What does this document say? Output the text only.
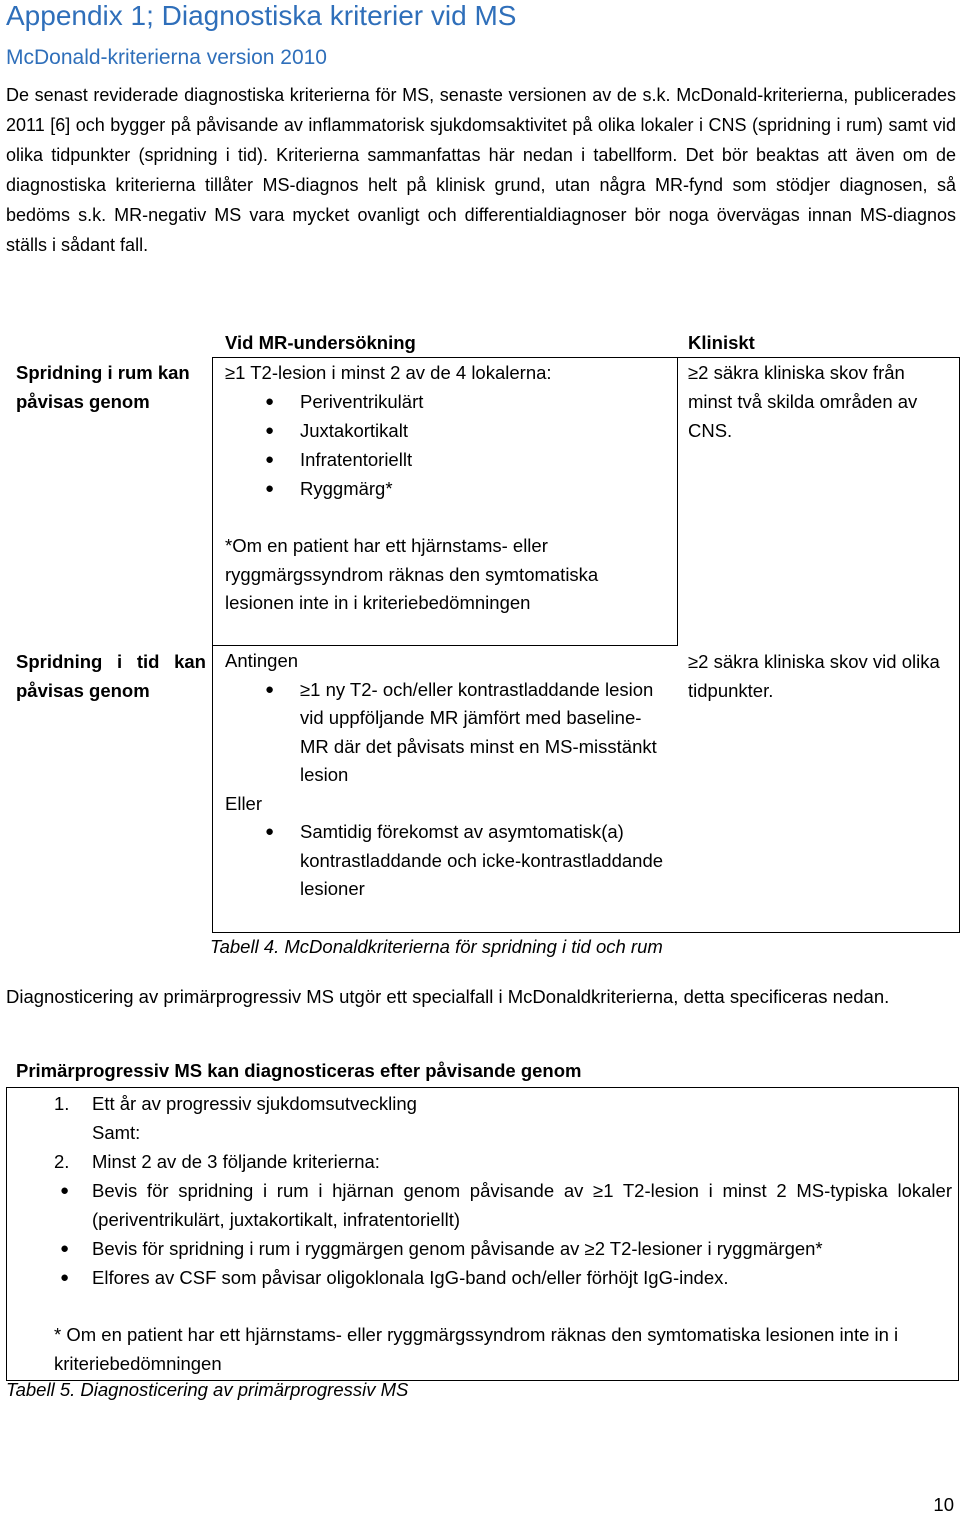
Appendix 1; Diagnostiska kriterier vid MS
McDonald-kriterierna version 2010
De senast reviderade diagnostiska kriterierna för MS, senaste versionen av de s.k. McDonald-kriterierna, publicerades 2011 [6] och bygger på påvisande av inflammatorisk sjukdomsaktivitet på olika lokaler i CNS (spridning i rum) samt vid olika tidpunkter (spridning i tid). Kriterierna sammanfattas här nedan i tabellform. Det bör beaktas att även om de diagnostiska kriterierna tillåter MS-diagnos helt på klinisk grund, utan några MR-fynd som stödjer diagnosen, så bedöms s.k. MR-negativ MS vara mycket ovanligt och differentialdiagnoser bör noga övervägas innan MS-diagnos ställs i sådant fall.
Vid MR-undersökning	Kliniskt
Spridning i rum kan påvisas genom
≥1 T2-lesion i minst 2 av de 4 lokalerna:
● Periventrikulärt
● Juxtakortikalt
● Infratentoriellt
● Ryggmärg*
*Om en patient har ett hjärnstams- eller ryggmärgssyndrom räknas den symtomatiska lesionen inte in i kriteriebedömningen
≥2 säkra kliniska skov från minst två skilda områden av CNS.
Spridning i tid kan påvisas genom
Antingen
● ≥1 ny T2- och/eller kontrastladdande lesion vid uppföljande MR jämfört med baseline-MR där det påvisats minst en MS-misstänkt lesion
Eller
● Samtidig förekomst av asymtomatisk(a) kontrastladdande och icke-kontrastladdande lesioner
≥2 säkra kliniska skov vid olika tidpunkter.
Tabell 4. McDonaldkriterierna för spridning i tid och rum
Diagnosticering av primärprogressiv MS utgör ett specialfall i McDonaldkriterierna, detta specificeras nedan.
Primärprogressiv MS kan diagnosticeras efter påvisande genom
1. Ett år av progressiv sjukdomsutveckling
Samt:
2. Minst 2 av de 3 följande kriterierna:
● Bevis för spridning i rum i hjärnan genom påvisande av ≥1 T2-lesion i minst 2 MS-typiska lokaler (periventrikulärt, juxtakortikalt, infratentoriellt)
● Bevis för spridning i rum i ryggmärgen genom påvisande av ≥2 T2-lesioner i ryggmärgen*
● Elfores av CSF som påvisar oligoklonala IgG-band och/eller förhöjt IgG-index.
* Om en patient har ett hjärnstams- eller ryggmärgssyndrom räknas den symtomatiska lesionen inte in i kriteriebedömningen
Tabell 5. Diagnosticering av primärprogressiv MS
10
